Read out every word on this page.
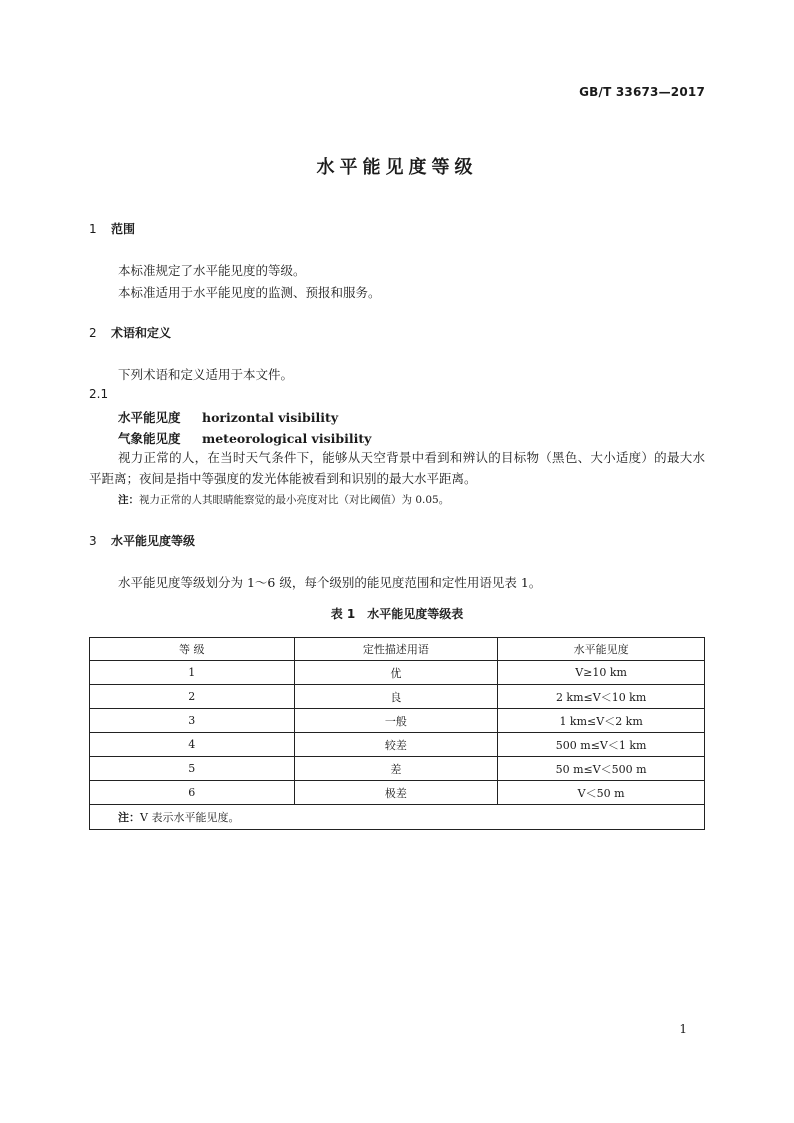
GB/T 33673—2017
水平能见度等级
1 范围
本标准规定了水平能见度的等级。
本标准适用于水平能见度的监测、预报和服务。
2 术语和定义
下列术语和定义适用于本文件。
2.1
水平能见度 horizontal visibility
气象能见度 meteorological visibility
视力正常的人，在当时天气条件下，能够从天空背景中看到和辨认的目标物（黑色、大小适度）的最大水平距离；夜间是指中等强度的发光体能被看到和识别的最大水平距离。
注：视力正常的人其眼睛能察觉的最小亮度对比（对比阈值）为 0.05。
3 水平能见度等级
水平能见度等级划分为 1～6 级，每个级别的能见度范围和定性用语见表 1。
表 1　水平能见度等级表
等 级	定性描述用语	水平能见度
1	优	V≥10 km
2	良	2 km≤V＜10 km
3	一般	1 km≤V＜2 km
4	较差	500 m≤V＜1 km
5	差	50 m≤V＜500 m
6	极差	V＜50 m
注：V 表示水平能见度。		
1
